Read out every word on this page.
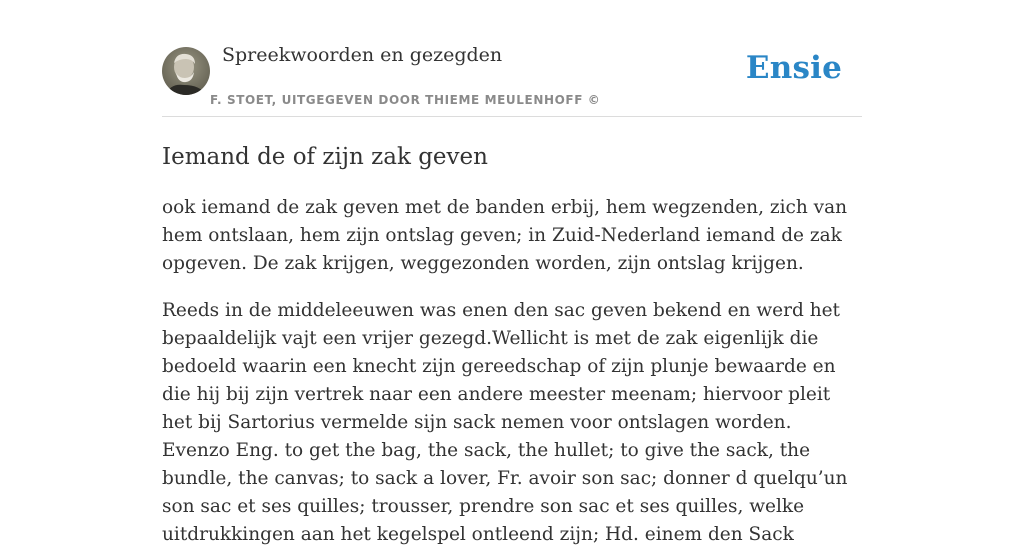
Spreekwoorden en gezegden
F. STOET, UITGEGEVEN DOOR THIEME MEULENHOFF ©
Ensie
Iemand de of zijn zak geven

ook iemand de zak geven met de banden erbij, hem wegzenden, zich van hem ontslaan, hem zijn ontslag geven; in Zuid-Nederland iemand de zak opgeven. De zak krijgen, weggezonden worden, zijn ontslag krijgen.

Reeds in de middeleeuwen was enen den sac geven bekend en werd het bepaaldelijk vajt een vrijer gezegd.Wellicht is met de zak eigenlijk die bedoeld waarin een knecht zijn gereedschap of zijn plunje bewaarde en die hij bij zijn vertrek naar een andere meester meenam; hiervoor pleit het bij Sartorius vermelde sijn sack nemen voor ontslagen worden. Evenzo Eng. to get the bag, the sack, the hullet; to give the sack, the bundle, the canvas; to sack a lover, Fr. avoir son sac; donner d quelqu’un son sac et ses quilles; trousser, prendre son sac et ses quilles, welke uitdrukkingen aan het kegelspel ontleend zijn; Hd. einem den Sack
